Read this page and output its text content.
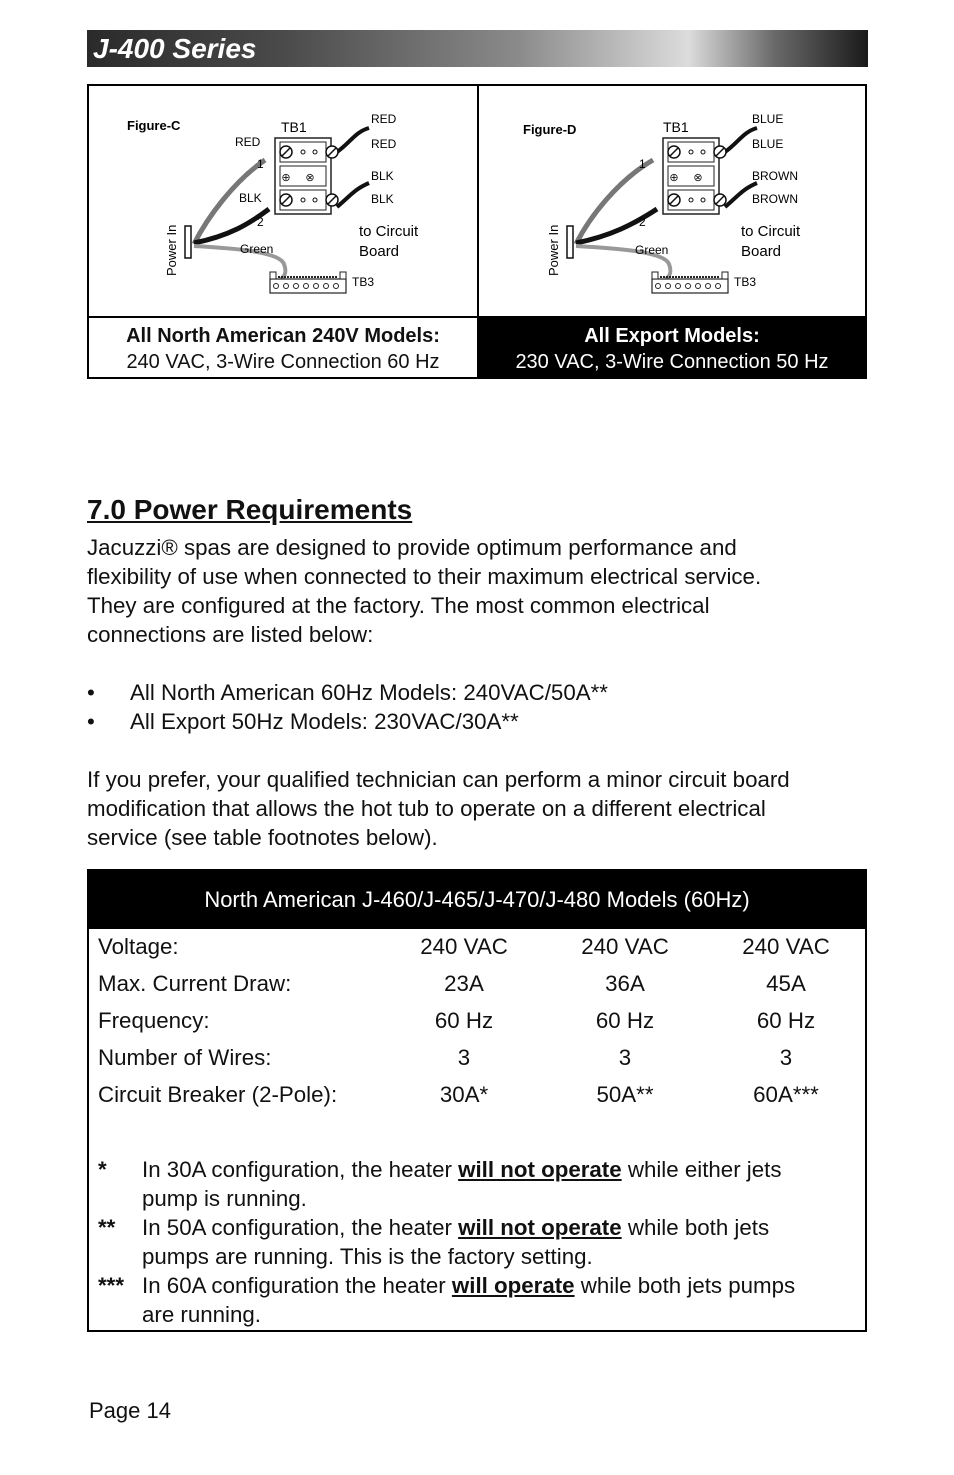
J-400 Series
⊕ ⊗
Figure-C	TB1
RED
1
BLK
2
Green
RED
RED
BLK
BLK
to Circuit
Board
TB3
Power In
⊕ ⊗
Figure-D	TB1
1
2
Green
BLUE
BLUE
BROWN
BROWN
to Circuit
Board
TB3
Power In
All North American 240V Models:
240 VAC, 3-Wire Connection 60 Hz
All Export Models:
230 VAC, 3-Wire Connection 50 Hz
7.0 Power Requirements

Jacuzzi® spas are designed to provide optimum performance and
flexibility of use when connected to their maximum electrical service.
They are configured at the factory. The most common electrical
connections are listed below:

• All North American 60Hz Models: 240VAC/50A**
• All Export 50Hz Models: 230VAC/30A**

If you prefer, your qualified technician can perform a minor circuit board
modification that allows the hot tub to operate on a different electrical
service (see table footnotes below).

North American J-460/J-465/J-470/J-480 Models (60Hz)
Voltage:	240 VAC	240 VAC	240 VAC
Max. Current Draw:	23A	36A	45A
Frequency:	60 Hz	60 Hz	60 Hz
Number of Wires:	3	3	3
Circuit Breaker (2-Pole):	30A*	50A**	60A***
* In 30A configuration, the heater will not operate while either jets
pump is running.
** In 50A configuration, the heater will not operate while both jets
pumps are running. This is the factory setting.
*** In 60A configuration the heater will operate while both jets pumps
are running.
Page 14
